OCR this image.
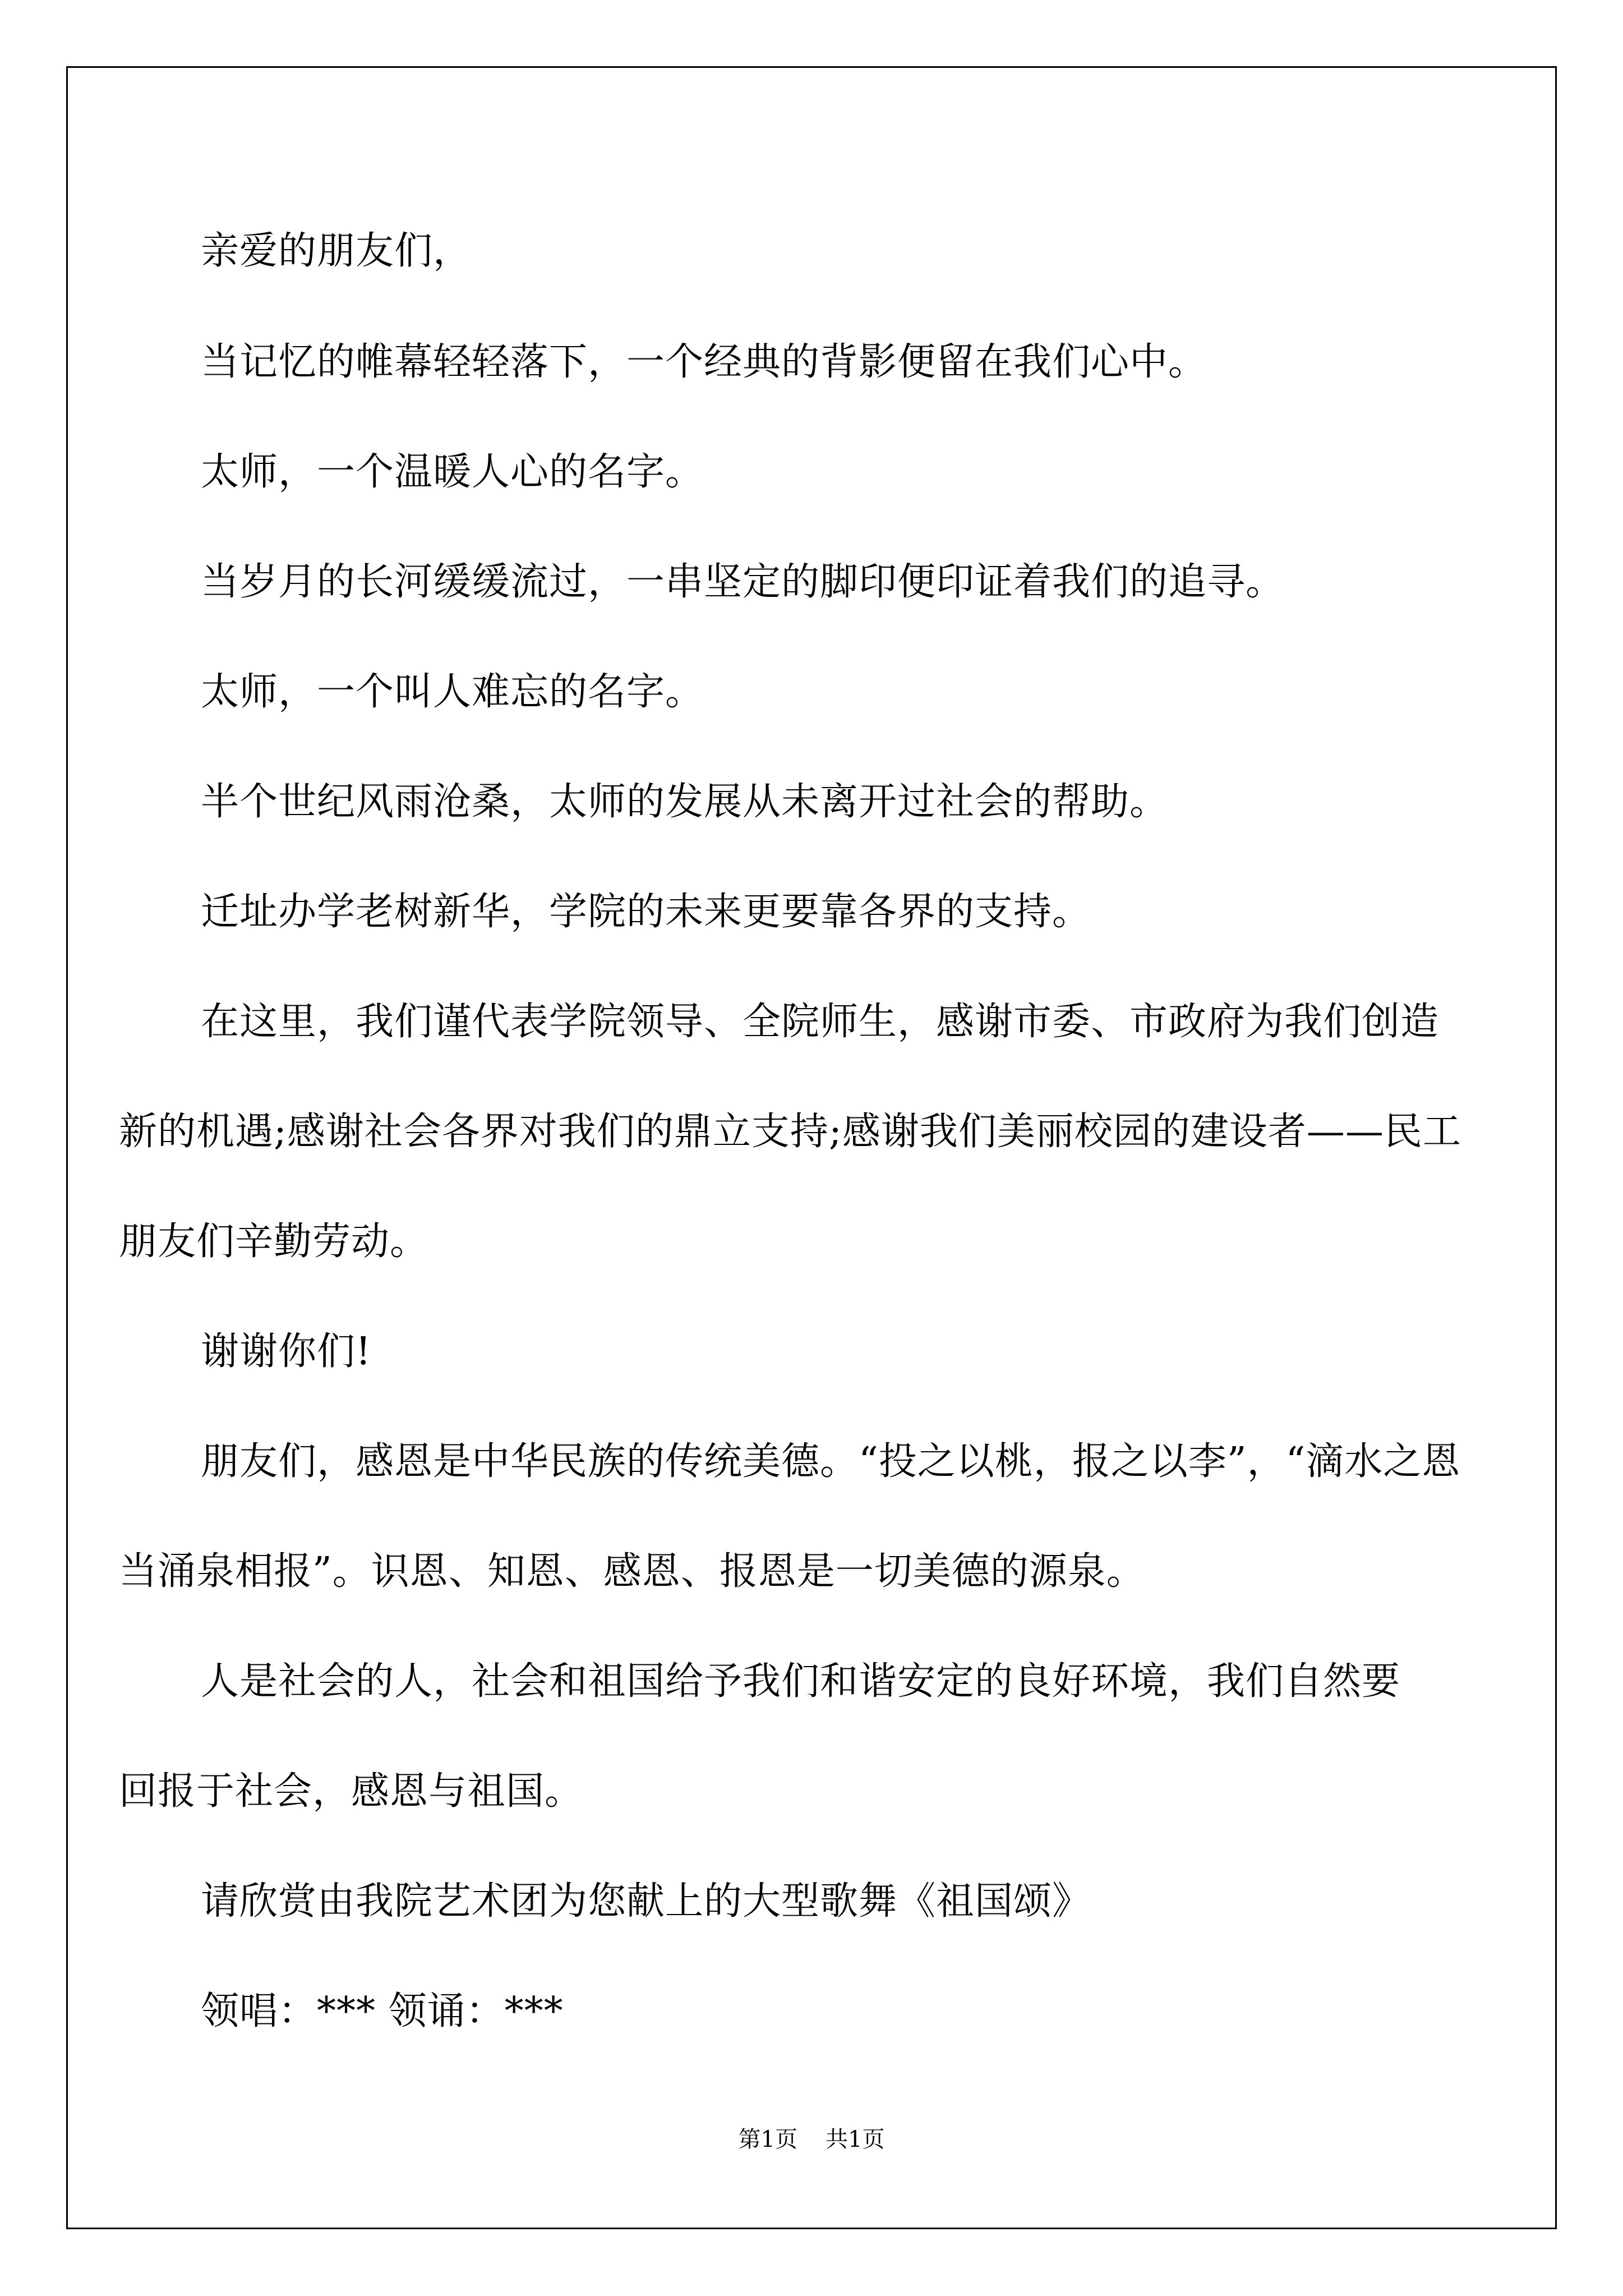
亲爱的朋友们，

当记忆的帷幕轻轻落下，一个经典的背影便留在我们心中。

太师，一个温暖人心的名字。

当岁月的长河缓缓流过，一串坚定的脚印便印证着我们的追寻。

太师，一个叫人难忘的名字。

半个世纪风雨沧桑，太师的发展从未离开过社会的帮助。

迁址办学老树新华，学院的未来更要靠各界的支持。

在这里，我们谨代表学院领导、全院师生，感谢市委、市政府为我们创造新的机遇;感谢社会各界对我们的鼎立支持;感谢我们美丽校园的建设者——民工朋友们辛勤劳动。

谢谢你们!

朋友们，感恩是中华民族的传统美德。“投之以桃，报之以李”，“滴水之恩当涌泉相报”。识恩、知恩、感恩、报恩是一切美德的源泉。

人是社会的人，社会和祖国给予我们和谐安定的良好环境，我们自然要回报于社会，感恩与祖国。

请欣赏由我院艺术团为您献上的大型歌舞《祖国颂》

领唱：*** 领诵：***

第1页 共1页
